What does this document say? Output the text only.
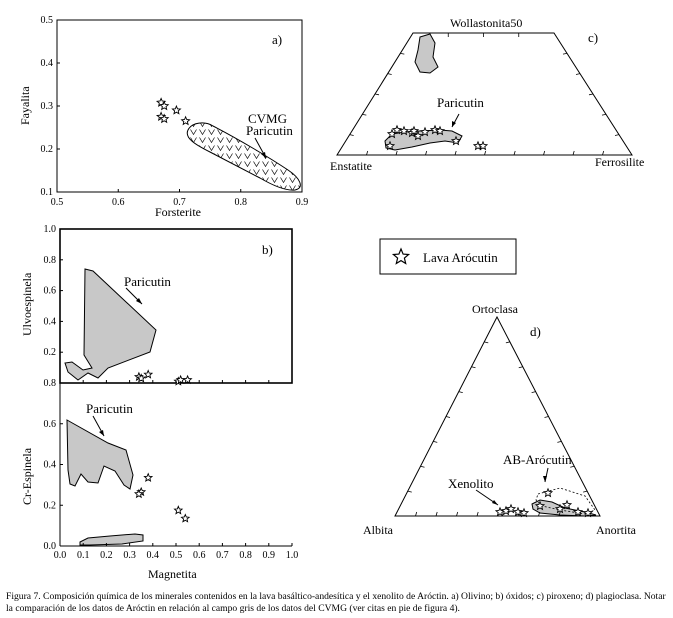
a)
CVMG
Paricutin
Forsterite
Fayalita
0.5	0.6	0.7	0.8	0.9
0.5
0.4
0.3
0.2
0.1
b)
Paricutin
Paricutin
Magnetita
Ulvoespinela
Cr-Espinela
0.0 0.1 0.2 0.3 0.4 0.5 0.6 0.7 0.8 0.9 1.0
1.0
0.8
0.6
0.4
0.2
0.8
0.6
0.4
0.2
0.0
c)
Wollastonita50
Enstatite	Ferrosilite
Paricutin
Lava Arócutin
d)
Ortoclasa
Albita	Anortita
AB-Arócutin
Xenolito
Figura 7. Composición química de los minerales contenidos en la lava basáltico-andesítica y el xenolito de Aróctin. a) Olivino; b) óxidos; c) piroxeno; d) plagioclasa. Notar la comparación de los datos de Aróctin en relación al campo gris de los datos del CVMG (ver citas en pie de figura 4).
